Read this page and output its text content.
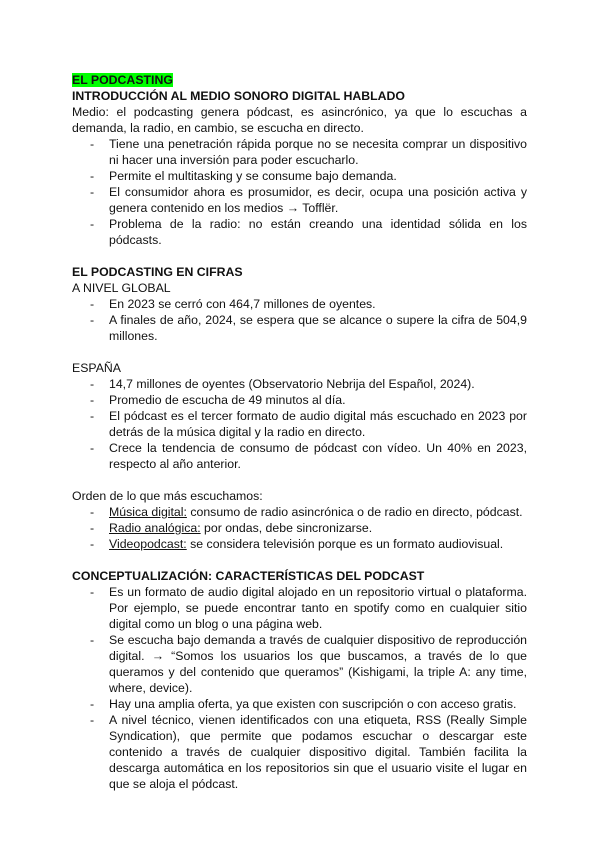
EL PODCASTING

INTRODUCCIÓN AL MEDIO SONORO DIGITAL HABLADO

Medio: el podcasting genera pódcast, es asincrónico, ya que lo escuchas a demanda, la radio, en cambio, se escucha en directo.

- Tiene una penetración rápida porque no se necesita comprar un dispositivo ni hacer una inversión para poder escucharlo.
- Permite el multitasking y se consume bajo demanda.
- El consumidor ahora es prosumidor, es decir, ocupa una posición activa y genera contenido en los medios → Tofflër.
- Problema de la radio: no están creando una identidad sólida en los pódcasts.

EL PODCASTING EN CIFRAS

A NIVEL GLOBAL

- En 2023 se cerró con 464,7 millones de oyentes.
- A finales de año, 2024, se espera que se alcance o supere la cifra de 504,9 millones.

ESPAÑA

- 14,7 millones de oyentes (Observatorio Nebrija del Español, 2024).
- Promedio de escucha de 49 minutos al día.
- El pódcast es el tercer formato de audio digital más escuchado en 2023 por detrás de la música digital y la radio en directo.
- Crece la tendencia de consumo de pódcast con vídeo. Un 40% en 2023, respecto al año anterior.

Orden de lo que más escuchamos:

- Música digital: consumo de radio asincrónica o de radio en directo, pódcast.
- Radio analógica: por ondas, debe sincronizarse.
- Videopodcast: se considera televisión porque es un formato audiovisual.

CONCEPTUALIZACIÓN: CARACTERÍSTICAS DEL PODCAST

- Es un formato de audio digital alojado en un repositorio virtual o plataforma. Por ejemplo, se puede encontrar tanto en spotify como en cualquier sitio digital como un blog o una página web.
- Se escucha bajo demanda a través de cualquier dispositivo de reproducción digital. → “Somos los usuarios los que buscamos, a través de lo que queramos y del contenido que queramos” (Kishigami, la triple A: any time, where, device).
- Hay una amplia oferta, ya que existen con suscripción o con acceso gratis.
- A nivel técnico, vienen identificados con una etiqueta, RSS (Really Simple Syndication), que permite que podamos escuchar o descargar este contenido a través de cualquier dispositivo digital. También facilita la descarga automática en los repositorios sin que el usuario visite el lugar en que se aloja el pódcast.
